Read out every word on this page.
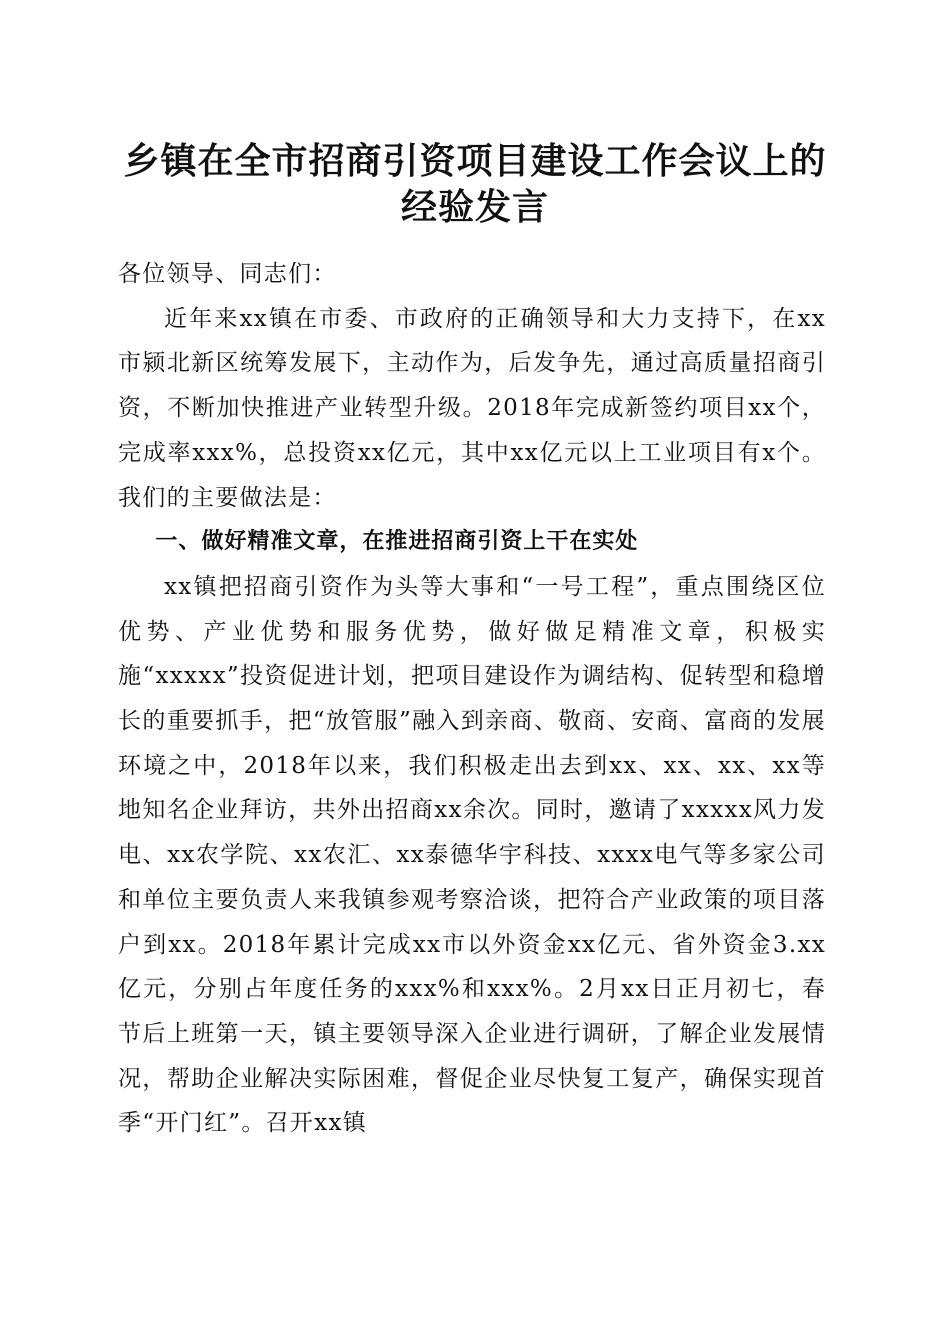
乡镇在全市招商引资项目建设工作会议上的经验发言

各位领导、同志们：

近年来xx镇在市委、市政府的正确领导和大力支持下，在xx市颍北新区统筹发展下，主动作为，后发争先，通过高质量招商引资，不断加快推进产业转型升级。2018年完成新签约项目xx个，完成率xxx%，总投资xx亿元，其中xx亿元以上工业项目有x个。我们的主要做法是：

一、做好精准文章，在推进招商引资上干在实处

xx镇把招商引资作为头等大事和“一号工程”，重点围绕区位优势、产业优势和服务优势，做好做足精准文章，积极实施“xxxxx”投资促进计划，把项目建设作为调结构、促转型和稳增长的重要抓手，把“放管服”融入到亲商、敬商、安商、富商的发展环境之中，2018年以来，我们积极走出去到xx、xx、xx、xx等地知名企业拜访，共外出招商xx余次。同时，邀请了xxxxx风力发电、xx农学院、xx农汇、xx泰德华宇科技、xxxx电气等多家公司和单位主要负责人来我镇参观考察洽谈，把符合产业政策的项目落户到xx。2018年累计完成xx市以外资金xx亿元、省外资金3.xx亿元，分别占年度任务的xxx%和xxx%。2月xx日正月初七，春节后上班第一天，镇主要领导深入企业进行调研，了解企业发展情况，帮助企业解决实际困难，督促企业尽快复工复产，确保实现首季“开门红”。召开xx镇
